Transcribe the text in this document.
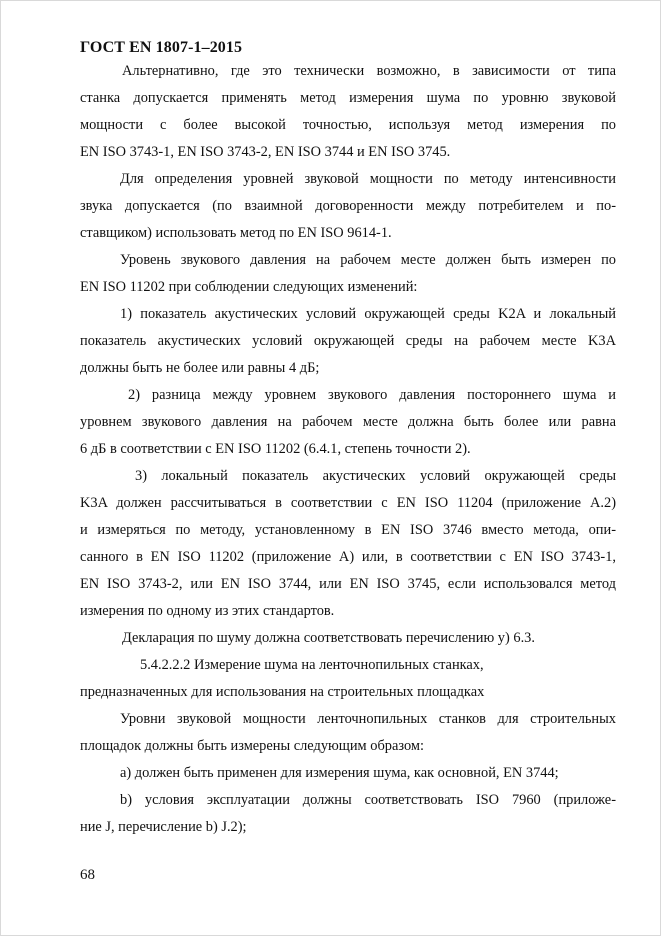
ГОСТ EN 1807-1–2015
Альтернативно, где это технически возможно, в зависимости от типа
станка допускается применять метод измерения шума по уровню звуковой
мощности с более высокой точностью, используя метод измерения по
EN ISO 3743-1, EN ISO 3743-2, EN ISO 3744 и EN ISO 3745.
Для определения уровней звуковой мощности по методу интенсивности
звука допускается (по взаимной договоренности между потребителем и по-
ставщиком) использовать метод по EN ISO 9614-1.
Уровень звукового давления на рабочем месте должен быть измерен по
EN ISO 11202 при соблюдении следующих изменений:
1) показатель акустических условий окружающей среды K2A и локальный
показатель акустических условий окружающей среды на рабочем месте K3A
должны быть не более или равны 4 дБ;
2) разница между уровнем звукового давления постороннего шума и
уровнем звукового давления на рабочем месте должна быть более или равна
6 дБ в соответствии с EN ISO 11202 (6.4.1, степень точности 2).
3) локальный показатель акустических условий окружающей среды
K3A должен рассчитываться в соответствии с EN ISO 11204 (приложение А.2)
и измеряться по методу, установленному в EN ISO 3746 вместо метода, опи-
санного в EN ISO 11202 (приложение А) или, в соответствии с EN ISO 3743-1,
EN ISO 3743-2, или EN ISO 3744, или EN ISO 3745, если использовался метод
измерения по одному из этих стандартов.
Декларация по шуму должна соответствовать перечислению у) 6.3.
5.4.2.2.2 Измерение шума на ленточнопильных станках,
предназначенных для использования на строительных площадках
Уровни звуковой мощности ленточнопильных станков для строительных
площадок должны быть измерены следующим образом:
а) должен быть применен для измерения шума, как основной, EN 3744;
b) условия эксплуатации должны соответствовать ISO 7960 (приложе-
ние J, перечисление b) J.2);
68
